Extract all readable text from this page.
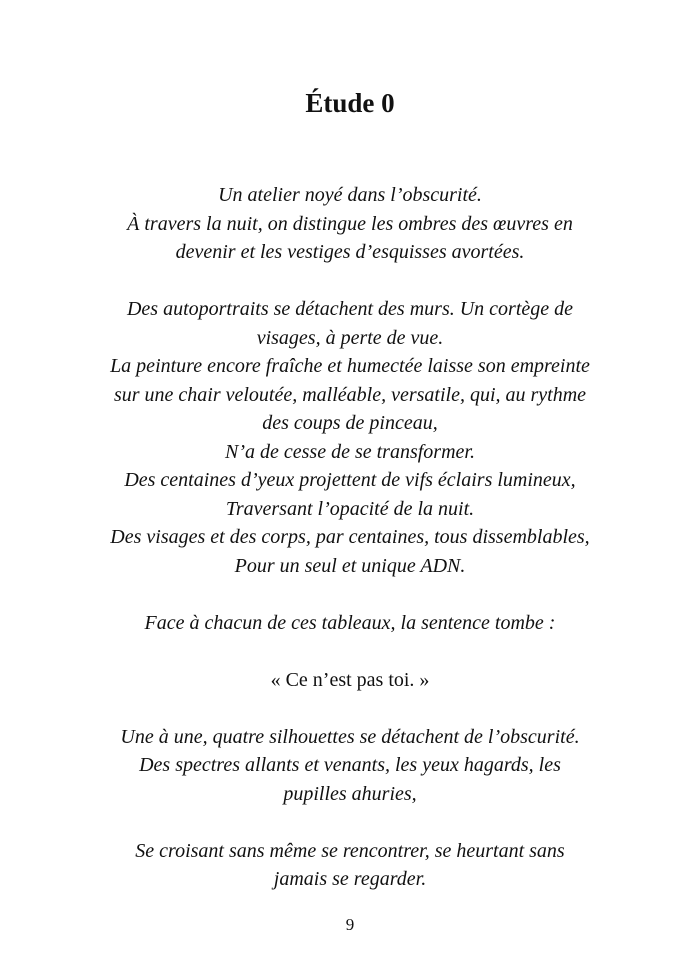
Étude 0
Un atelier noyé dans l’obscurité.
À travers la nuit, on distingue les ombres des œuvres en
devenir et les vestiges d’esquisses avortées.
Des autoportraits se détachent des murs. Un cortège de
visages, à perte de vue.
La peinture encore fraîche et humectée laisse son empreinte
sur une chair veloutée, malléable, versatile, qui, au rythme
des coups de pinceau,
N’a de cesse de se transformer.
Des centaines d’yeux projettent de vifs éclairs lumineux,
Traversant l’opacité de la nuit.
Des visages et des corps, par centaines, tous dissemblables,
Pour un seul et unique ADN.
Face à chacun de ces tableaux, la sentence tombe :
« Ce n’est pas toi. »
Une à une, quatre silhouettes se détachent de l’obscurité.
Des spectres allants et venants, les yeux hagards, les
pupilles ahuries,
Se croisant sans même se rencontrer, se heurtant sans
jamais se regarder.
9
